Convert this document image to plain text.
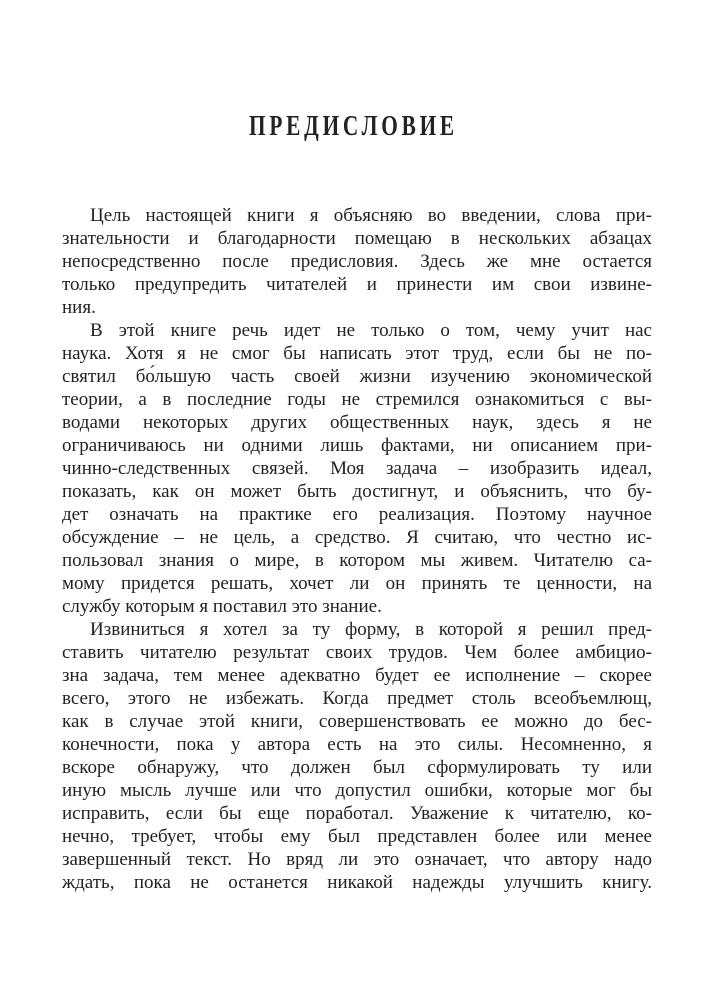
ПРЕДИСЛОВИЕ
Цель настоящей книги я объясняю во введении, слова при-
знательности и благодарности помещаю в нескольких абзацах
непосредственно после предисловия. Здесь же мне остается
только предупредить читателей и принести им свои извине-
ния.
В этой книге речь идет не только о том, чему учит нас
наука. Хотя я не смог бы написать этот труд, если бы не по-
святил бо́льшую часть своей жизни изучению экономической
теории, а в последние годы не стремился ознакомиться с вы-
водами некоторых других общественных наук, здесь я не
ограничиваюсь ни одними лишь фактами, ни описанием при-
чинно-следственных связей. Моя задача – изобразить идеал,
показать, как он может быть достигнут, и объяснить, что бу-
дет означать на практике его реализация. Поэтому научное
обсуждение – не цель, а средство. Я считаю, что честно ис-
пользовал знания о мире, в котором мы живем. Читателю са-
мому придется решать, хочет ли он принять те ценности, на
службу которым я поставил это знание.
Извиниться я хотел за ту форму, в которой я решил пред-
ставить читателю результат своих трудов. Чем более амбицио-
зна задача, тем менее адекватно будет ее исполнение – скорее
всего, этого не избежать. Когда предмет столь всеобъемлющ,
как в случае этой книги, совершенствовать ее можно до бес-
конечности, пока у автора есть на это силы. Несомненно, я
вскоре обнаружу, что должен был сформулировать ту или
иную мысль лучше или что допустил ошибки, которые мог бы
исправить, если бы еще поработал. Уважение к читателю, ко-
нечно, требует, чтобы ему был представлен более или менее
завершенный текст. Но вряд ли это означает, что автору надо
ждать, пока не останется никакой надежды улучшить книгу.
